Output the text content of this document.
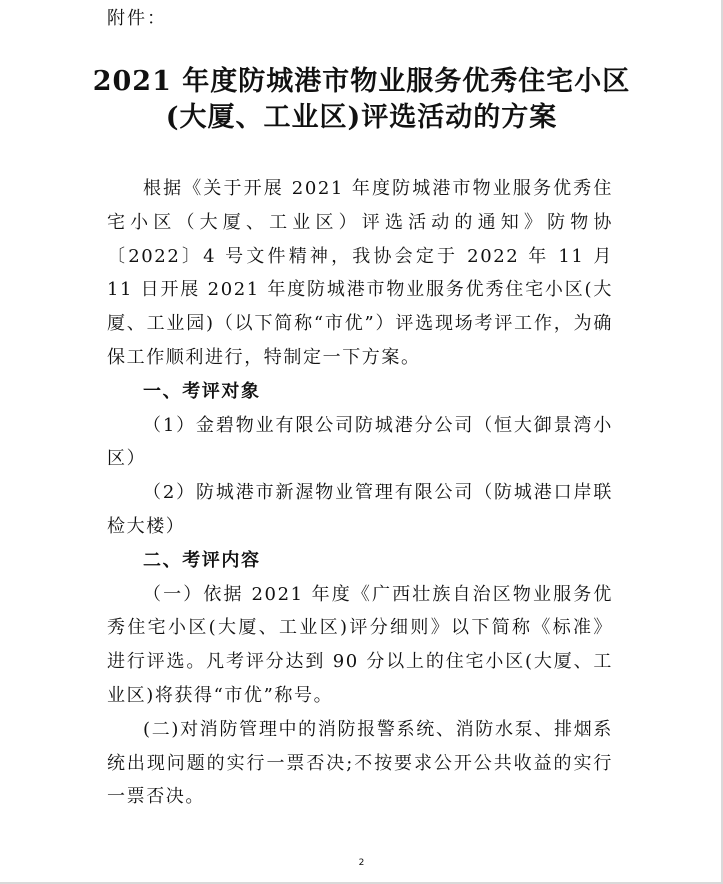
附件：
2021 年度防城港市物业服务优秀住宅小区
(大厦、工业区)评选活动的方案

根据《关于开展 2021 年度防城港市物业服务优秀住宅小区（大厦、工业区）评选活动的通知》防物协〔2022〕4 号文件精神，我协会定于 2022 年 11 月 11 日开展 2021 年度防城港市物业服务优秀住宅小区(大厦、工业园)（以下简称“市优”）评选现场考评工作，为确保工作顺利进行，特制定一下方案。

一、考评对象

（1）金碧物业有限公司防城港分公司（恒大御景湾小区）

（2）防城港市新渥物业管理有限公司（防城港口岸联检大楼）

二、考评内容

（一）依据 2021 年度《广西壮族自治区物业服务优秀住宅小区(大厦、工业区)评分细则》以下简称《标准》进行评选。凡考评分达到 90 分以上的住宅小区(大厦、工业区)将获得“市优”称号。

(二)对消防管理中的消防报警系统、消防水泵、排烟系统出现问题的实行一票否决;不按要求公开公共收益的实行一票否决。

2
